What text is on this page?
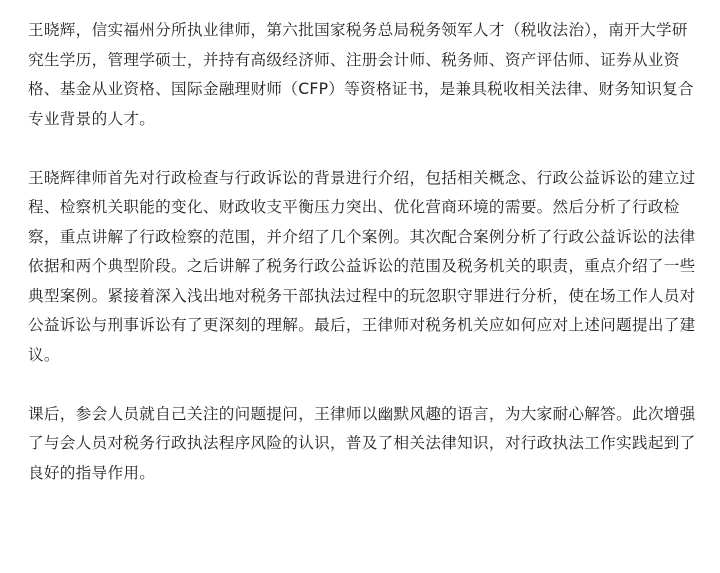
王晓辉，信实福州分所执业律师，第六批国家税务总局税务领军人才（税收法治），南开大学研究生学历，管理学硕士，并持有高级经济师、注册会计师、税务师、资产评估师、证券从业资格、基金从业资格、国际金融理财师（CFP）等资格证书，是兼具税收相关法律、财务知识复合专业背景的人才。

王晓辉律师首先对行政检查与行政诉讼的背景进行介绍，包括相关概念、行政公益诉讼的建立过程、检察机关职能的变化、财政收支平衡压力突出、优化营商环境的需要。然后分析了行政检察，重点讲解了行政检察的范围，并介绍了几个案例。其次配合案例分析了行政公益诉讼的法律依据和两个典型阶段。之后讲解了税务行政公益诉讼的范围及税务机关的职责，重点介绍了一些典型案例。紧接着深入浅出地对税务干部执法过程中的玩忽职守罪进行分析，使在场工作人员对公益诉讼与刑事诉讼有了更深刻的理解。最后，王律师对税务机关应如何应对上述问题提出了建议。

课后，参会人员就自己关注的问题提问，王律师以幽默风趣的语言，为大家耐心解答。此次增强了与会人员对税务行政执法程序风险的认识，普及了相关法律知识，对行政执法工作实践起到了良好的指导作用。
